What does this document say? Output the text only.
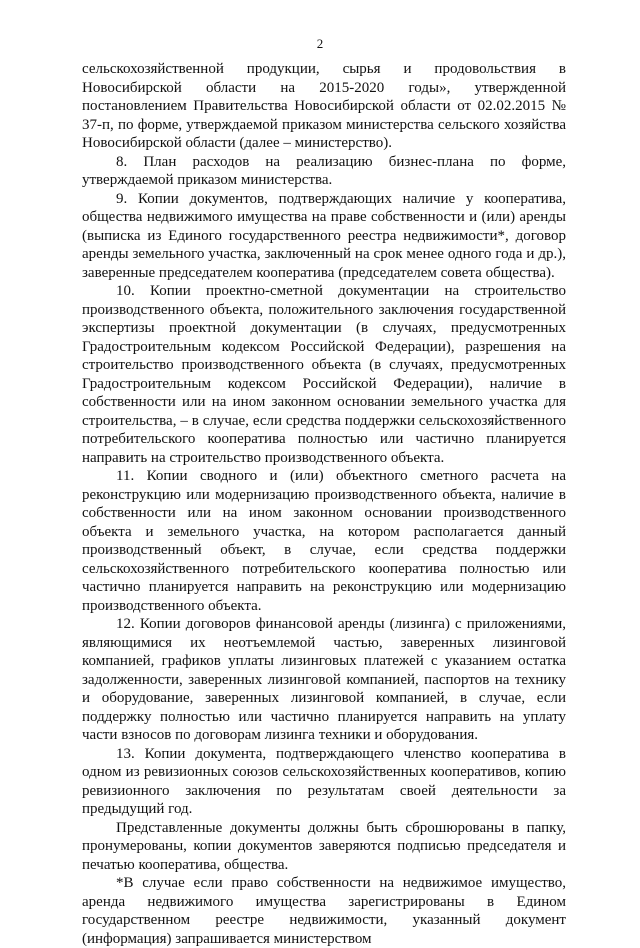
2

сельскохозяйственной продукции, сырья и продовольствия в Новосибирской области на 2015-2020 годы», утвержденной постановлением Правительства Новосибирской области от 02.02.2015 № 37-п, по форме, утверждаемой приказом министерства сельского хозяйства Новосибирской области (далее – министерство).

8. План расходов на реализацию бизнес-плана по форме, утверждаемой приказом министерства.

9. Копии документов, подтверждающих наличие у кооператива, общества недвижимого имущества на праве собственности и (или) аренды (выписка из Единого государственного реестра недвижимости*, договор аренды земельного участка, заключенный на срок менее одного года и др.), заверенные председателем кооператива (председателем совета общества).

10. Копии проектно-сметной документации на строительство производственного объекта, положительного заключения государственной экспертизы проектной документации (в случаях, предусмотренных Градостроительным кодексом Российской Федерации), разрешения на строительство производственного объекта (в случаях, предусмотренных Градостроительным кодексом Российской Федерации), наличие в собственности или на ином законном основании земельного участка для строительства, – в случае, если средства поддержки сельскохозяйственного потребительского кооператива полностью или частично планируется направить на строительство производственного объекта.

11. Копии сводного и (или) объектного сметного расчета на реконструкцию или модернизацию производственного объекта, наличие в собственности или на ином законном основании производственного объекта и земельного участка, на котором располагается данный производственный объект, в случае, если средства поддержки сельскохозяйственного потребительского кооператива полностью или частично планируется направить на реконструкцию или модернизацию производственного объекта.

12. Копии договоров финансовой аренды (лизинга) с приложениями, являющимися их неотъемлемой частью, заверенных лизинговой компанией, графиков уплаты лизинговых платежей с указанием остатка задолженности, заверенных лизинговой компанией, паспортов на технику и оборудование, заверенных лизинговой компанией, в случае, если поддержку полностью или частично планируется направить на уплату части взносов по договорам лизинга техники и оборудования.

13. Копии документа, подтверждающего членство кооператива в одном из ревизионных союзов сельскохозяйственных кооперативов, копию ревизионного заключения по результатам своей деятельности за предыдущий год.

Представленные документы должны быть сброшюрованы в папку, пронумерованы, копии документов заверяются подписью председателя и печатью кооператива, общества.

*В случае если право собственности на недвижимое имущество, аренда недвижимого имущества зарегистрированы в Едином государственном реестре недвижимости, указанный документ (информация) запрашивается министерством
